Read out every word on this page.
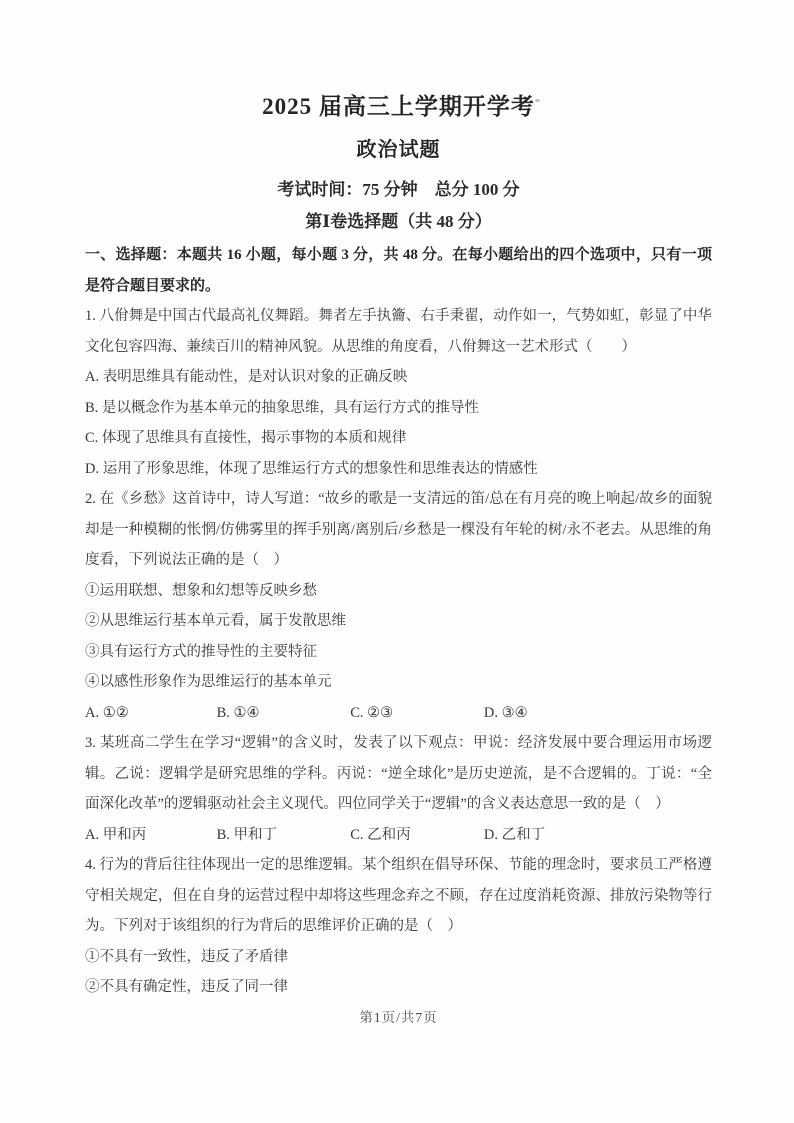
2025 届高三上学期开学考
政治试题
考试时间：75 分钟　总分 100 分
第Ⅰ卷选择题（共 48 分）

一、选择题：本题共 16 小题，每小题 3 分，共 48 分。在每小题给出的四个选项中，只有一项是符合题目要求的。

1. 八佾舞是中国古代最高礼仪舞蹈。舞者左手执籥、右手秉翟，动作如一，气势如虹，彰显了中华文化包容四海、兼续百川的精神风貌。从思维的角度看，八佾舞这一艺术形式（　　）

A. 表明思维具有能动性，是对认识对象的正确反映

B. 是以概念作为基本单元的抽象思维，具有运行方式的推导性

C. 体现了思维具有直接性，揭示事物的本质和规律

D. 运用了形象思维，体现了思维运行方式的想象性和思维表达的情感性

2. 在《乡愁》这首诗中，诗人写道：“故乡的歌是一支清远的笛/总在有月亮的晚上响起/故乡的面貌却是一种模糊的怅惘/仿佛雾里的挥手别离/离别后/乡愁是一棵没有年轮的树/永不老去。从思维的角度看，下列说法正确的是（　）

①运用联想、想象和幻想等反映乡愁

②从思维运行基本单元看，属于发散思维

③具有运行方式的推导性的主要特征

④以感性形象作为思维运行的基本单元

A. ①②	B. ①④	C. ②③	D. ③④

3. 某班高二学生在学习“逻辑”的含义时，发表了以下观点：甲说：经济发展中要合理运用市场逻辑。乙说：逻辑学是研究思维的学科。丙说：“逆全球化”是历史逆流，是不合逻辑的。丁说：“全面深化改革”的逻辑驱动社会主义现代。四位同学关于“逻辑”的含义表达意思一致的是（　）

A. 甲和丙	B. 甲和丁	C. 乙和丙	D. 乙和丁

4. 行为的背后往往体现出一定的思维逻辑。某个组织在倡导环保、节能的理念时，要求员工严格遵守相关规定，但在自身的运营过程中却将这些理念弃之不顾，存在过度消耗资源、排放污染物等行为。下列对于该组织的行为背后的思维评价正确的是（　）

①不具有一致性，违反了矛盾律

②不具有确定性，违反了同一律

第1页/共7页
